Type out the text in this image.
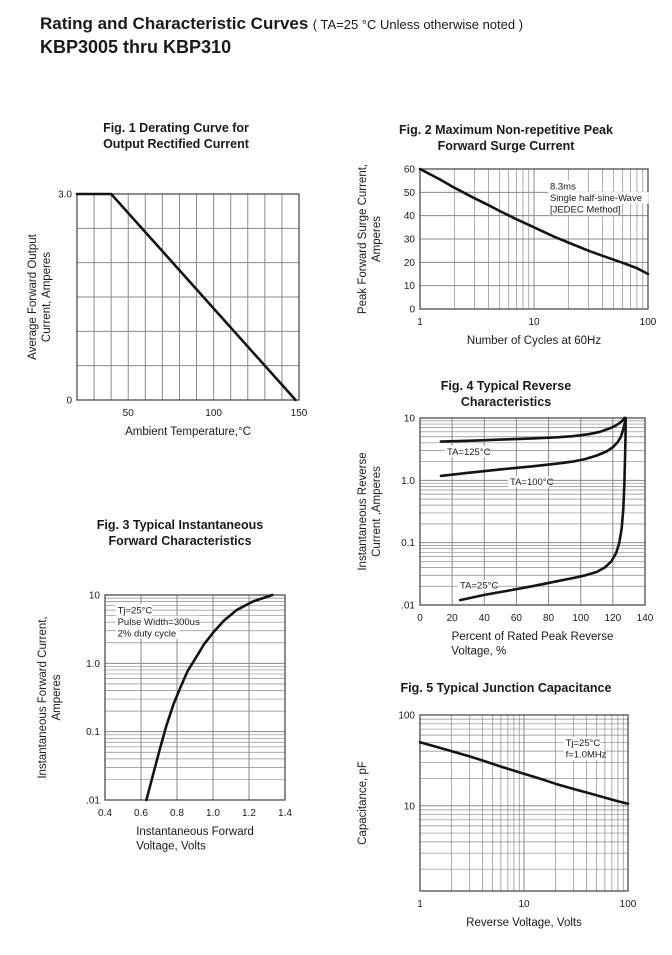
Rating and Characteristic Curves ( TA=25 °C Unless otherwise noted )
KBP3005 thru KBP310
Fig. 1 Derating Curve for
Output Rectified Current
50	100	150
3.0
0
Average Forward Output Current, Amperes
Ambient Temperature,°C
Fig. 2 Maximum Non-repetitive Peak
Forward Surge Current
8.3ms
Single half-sine-Wave
[JEDEC Method]
1	10	100
60
50
40
30
20
10
0
Peak Forward Surge Current, Amperes
Number of Cycles at 60Hz
Fig. 3 Typical Instantaneous
Forward Characteristics
Tj=25°C
Pulse Width=300us
2% duty cycle
0.4 0.6 0.8 1.0 1.2 1.4
10
1.0
0.1
.01
Instantaneous Forward Current, Amperes
Instantaneous Forward
Voltage, Volts
Fig. 4 Typical Reverse
Characteristics
TA=125°C
TA=100°C
TA=25°C
0 20 40 60 80 100 120 140
10
1.0
0.1
.01
Instantaneous Reverse Current ,Amperes
Percent of Rated Peak Reverse
Voltage, %
Fig. 5 Typical Junction Capacitance
Tj=25°C
f=1.0MHz
1	10	100
100
10
Capacitance, pF
Reverse Voltage, Volts
